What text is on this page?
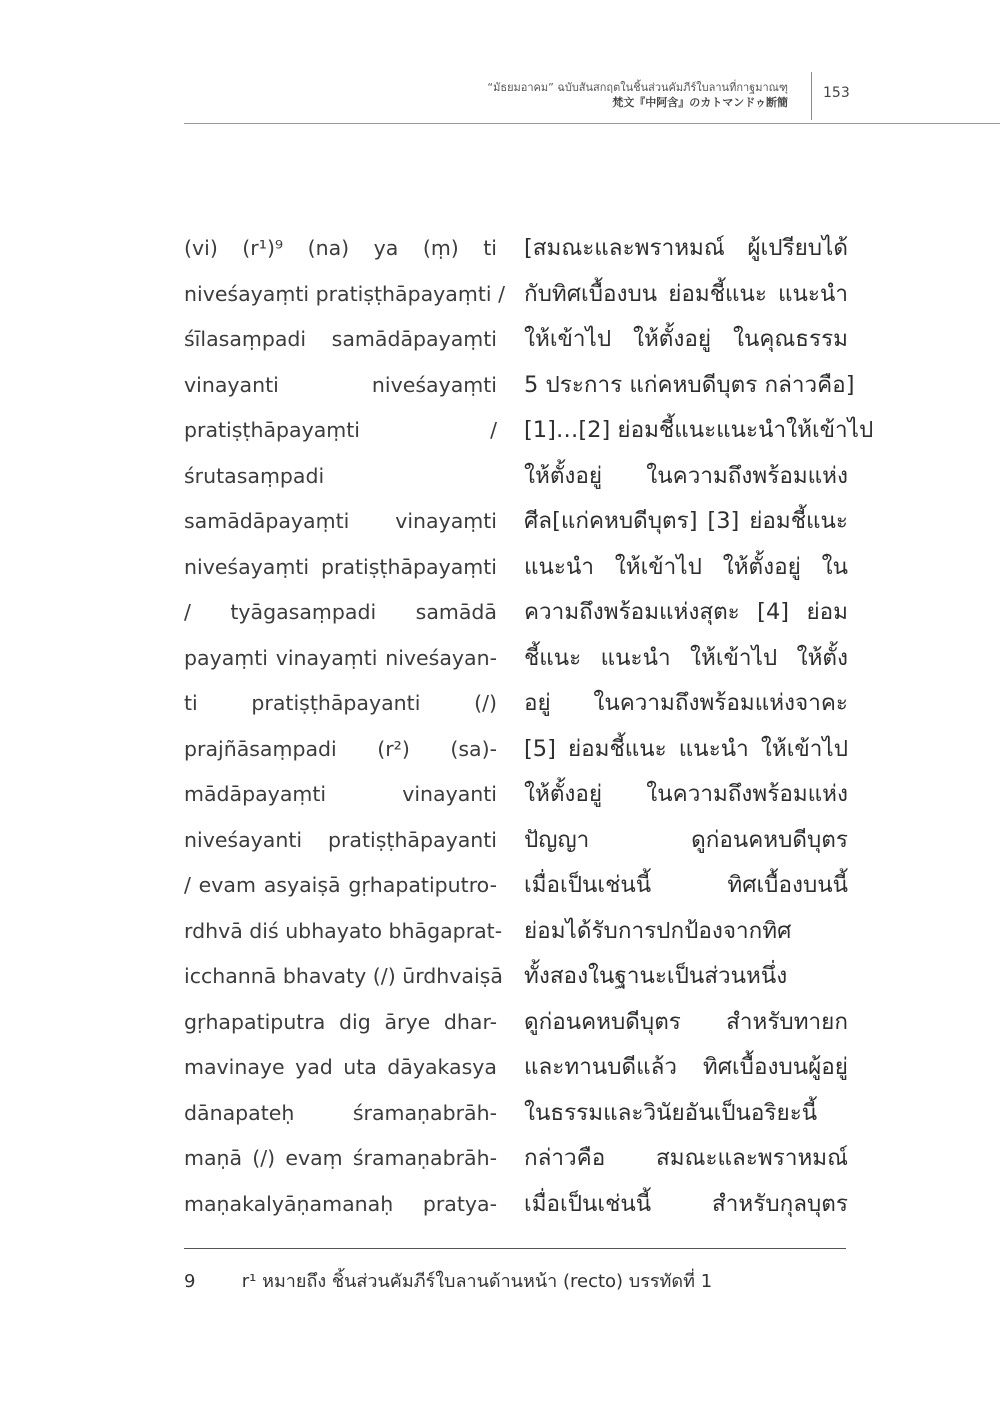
“มัธยมอาคม” ฉบับสันสกฤตในชิ้นส่วนคัมภีร์ใบลานที่กาฐมาณฑุ
梵文『中阿含』のカトマンドゥ断簡
153
(vi) (r¹)⁹ (na) ya (ṃ) ti
niveśayaṃti pratiṣṭhāpayaṃti /
śīlasaṃpadi samādāpayaṃti
vinayanti niveśayaṃti
pratiṣṭhāpayaṃti /
śrutasaṃpadi
samādāpayaṃti vinayaṃti
niveśayaṃti pratiṣṭhāpayaṃti
/ tyāgasaṃpadi samādā
payaṃti vinayaṃti niveśayan-
ti pratiṣṭhāpayanti (/)
prajñāsaṃpadi (r²) (sa)-
mādāpayaṃti vinayanti
niveśayanti pratiṣṭhāpayanti
/ evam asyaiṣā gṛhapatiputro-
rdhvā diś ubhayato bhāgaprat-
icchannā bhavaty (/) ūrdhvaiṣā
gṛhapatiputra dig ārye dhar-
mavinaye yad uta dāyakasya
dānapateḥ śramaṇabrāh-
maṇā (/) evaṃ śramaṇabrāh-
maṇakalyāṇamanaḥ pratya-
[สมณะและพราหมณ์ ผู้เปรียบได้
กับทิศเบื้องบน ย่อมชี้แนะ แนะนำ
ให้เข้าไป ให้ตั้งอยู่ ในคุณธรรม
5 ประการ แก่คหบดีบุตร กล่าวคือ]
[1]…[2] ย่อมชี้แนะแนะนำให้เข้าไป
ให้ตั้งอยู่ ในความถึงพร้อมแห่ง
ศีล[แก่คหบดีบุตร] [3] ย่อมชี้แนะ
แนะนำ ให้เข้าไป ให้ตั้งอยู่ ใน
ความถึงพร้อมแห่งสุตะ [4] ย่อม
ชี้แนะ แนะนำ ให้เข้าไป ให้ตั้ง
อยู่ ในความถึงพร้อมแห่งจาคะ
[5] ย่อมชี้แนะ แนะนำ ให้เข้าไป
ให้ตั้งอยู่ ในความถึงพร้อมแห่ง
ปัญญา ดูก่อนคหบดีบุตร
เมื่อเป็นเช่นนี้ ทิศเบื้องบนนี้
ย่อมได้รับการปกป้องจากทิศ
ทั้งสองในฐานะเป็นส่วนหนึ่ง
ดูก่อนคหบดีบุตร สำหรับทายก
และทานบดีแล้ว ทิศเบื้องบนผู้อยู่
ในธรรมและวินัยอันเป็นอริยะนี้
กล่าวคือ สมณะและพราหมณ์
เมื่อเป็นเช่นนี้ สำหรับกุลบุตร
9	r¹ หมายถึง ชิ้นส่วนคัมภีร์ใบลานด้านหน้า (recto) บรรทัดที่ 1
